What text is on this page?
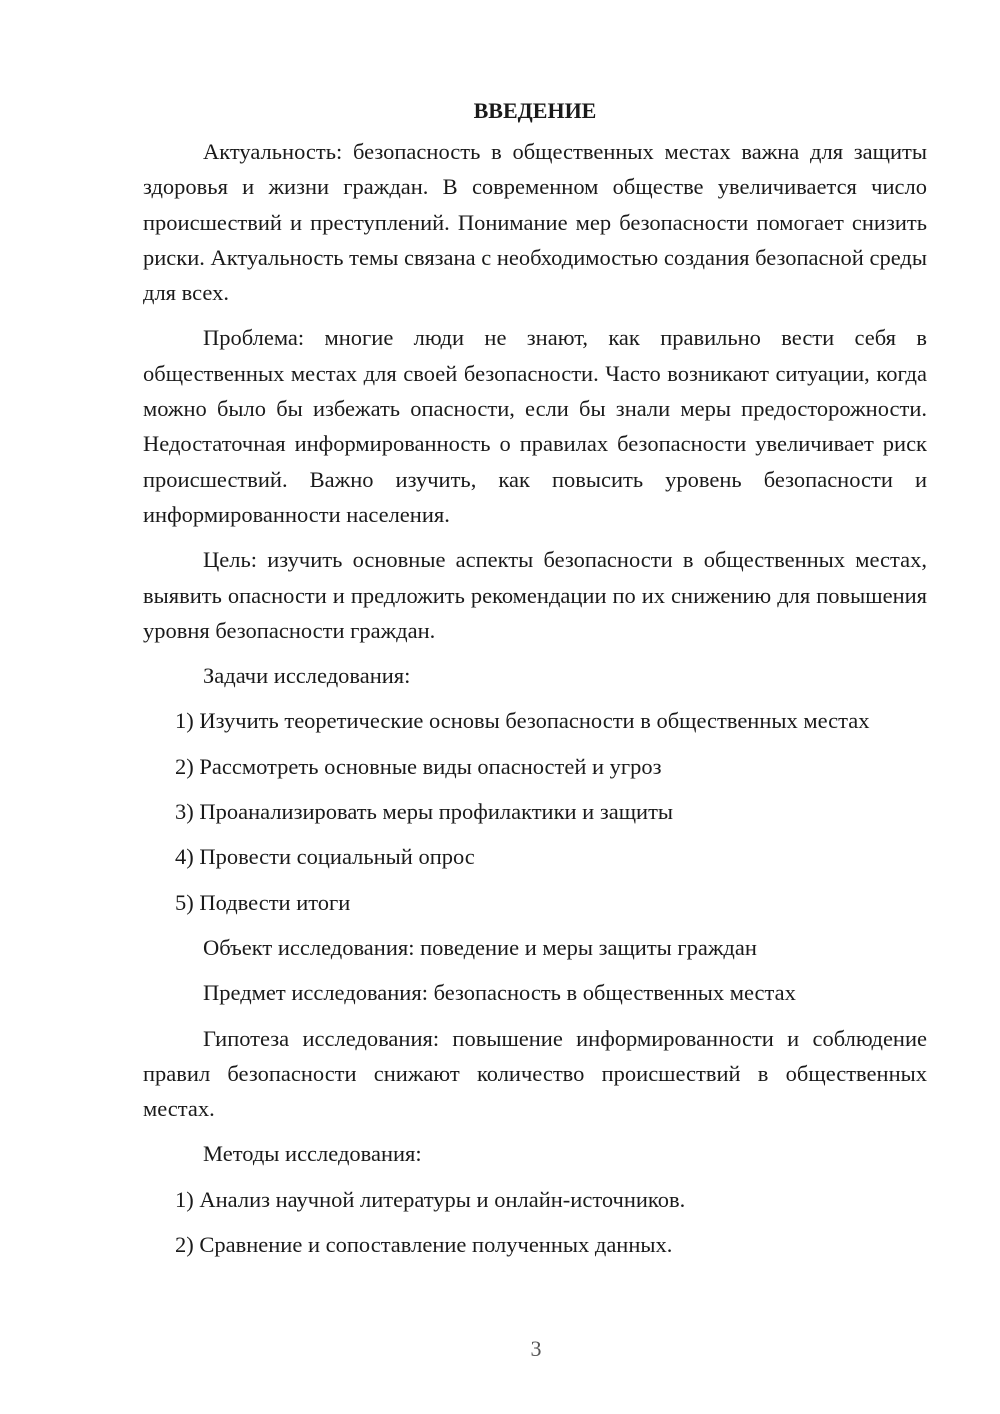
ВВЕДЕНИЕ

Актуальность: безопасность в общественных местах важна для защиты здоровья и жизни граждан. В современном обществе увеличивается число происшествий и преступлений. Понимание мер безопасности помогает снизить риски. Актуальность темы связана с необходимостью создания безопасной среды для всех.

Проблема: многие люди не знают, как правильно вести себя в общественных местах для своей безопасности. Часто возникают ситуации, когда можно было бы избежать опасности, если бы знали меры предосторожности. Недостаточная информированность о правилах безопасности увеличивает риск происшествий. Важно изучить, как повысить уровень безопасности и информированности населения.

Цель: изучить основные аспекты безопасности в общественных местах, выявить опасности и предложить рекомендации по их снижению для повышения уровня безопасности граждан.

Задачи исследования:

1) Изучить теоретические основы безопасности в общественных местах

2) Рассмотреть основные виды опасностей и угроз

3) Проанализировать меры профилактики и защиты

4) Провести социальный опрос

5) Подвести итоги

Объект исследования: поведение и меры защиты граждан

Предмет исследования: безопасность в общественных местах

Гипотеза исследования: повышение информированности и соблюдение правил безопасности снижают количество происшествий в общественных местах.

Методы исследования:

1) Анализ научной литературы и онлайн-источников.

2) Сравнение и сопоставление полученных данных.

3
